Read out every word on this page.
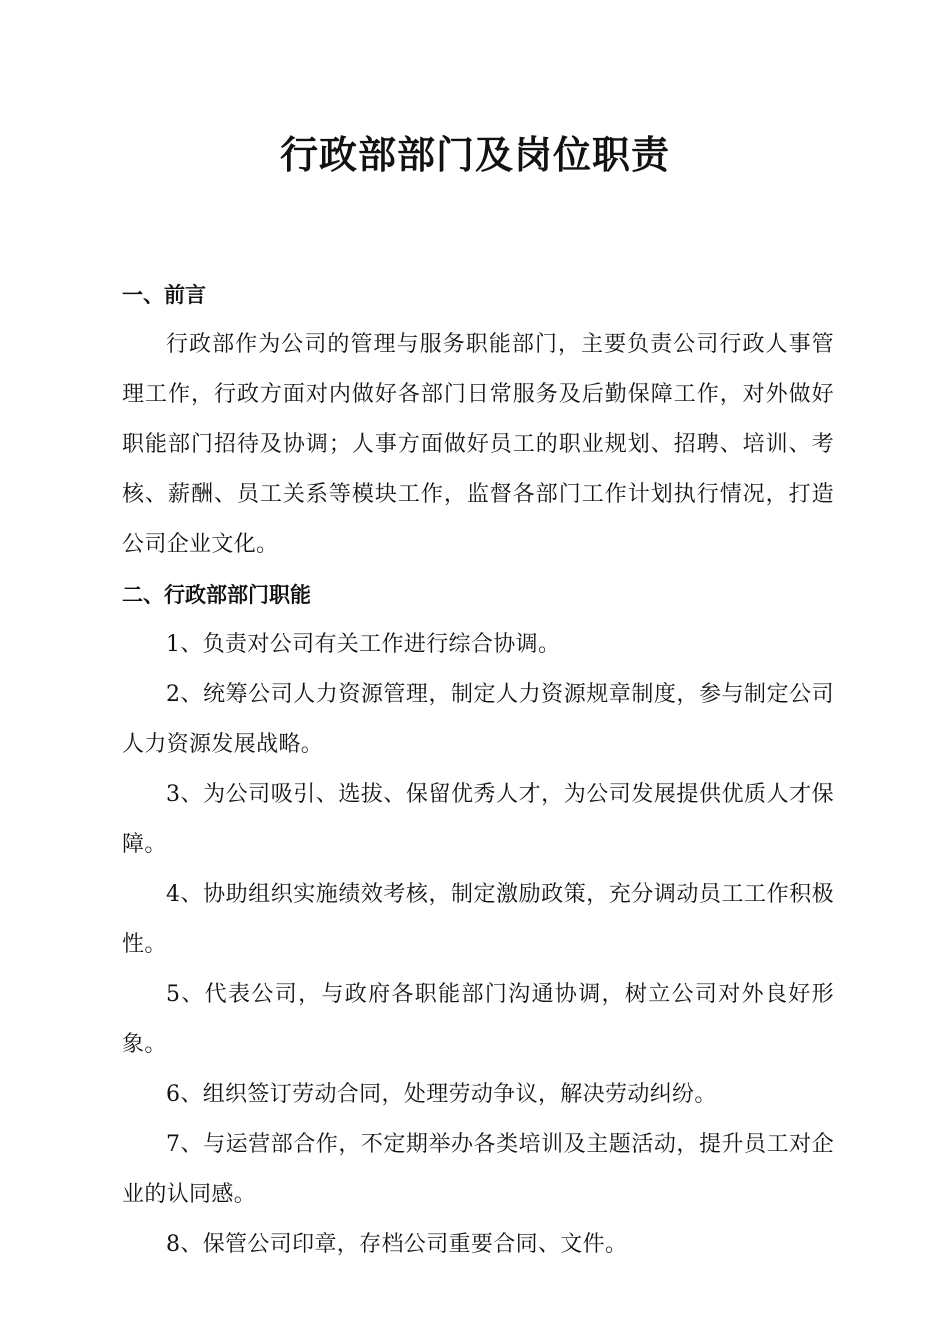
行政部部门及岗位职责

一、前言

行政部作为公司的管理与服务职能部门，主要负责公司行政人事管理工作，行政方面对内做好各部门日常服务及后勤保障工作，对外做好职能部门招待及协调；人事方面做好员工的职业规划、招聘、培训、考核、薪酬、员工关系等模块工作，监督各部门工作计划执行情况，打造公司企业文化。

二、行政部部门职能

1、负责对公司有关工作进行综合协调。

2、统筹公司人力资源管理，制定人力资源规章制度，参与制定公司人力资源发展战略。

3、为公司吸引、选拔、保留优秀人才，为公司发展提供优质人才保障。

4、协助组织实施绩效考核，制定激励政策，充分调动员工工作积极性。

5、代表公司，与政府各职能部门沟通协调，树立公司对外良好形象。

6、组织签订劳动合同，处理劳动争议，解决劳动纠纷。

7、与运营部合作，不定期举办各类培训及主题活动，提升员工对企业的认同感。

8、保管公司印章，存档公司重要合同、文件。
